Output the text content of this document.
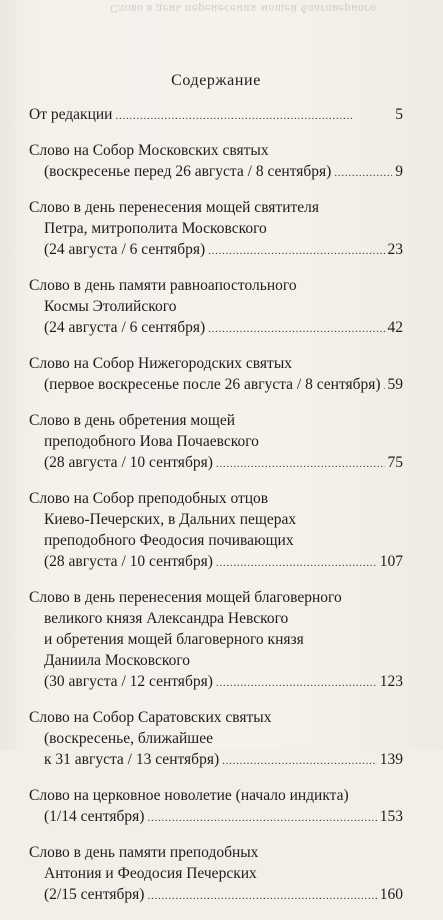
Слово в день перенесения мощей благоверного
Содержание
От редакции . . .	5
Слово на Собор Московских святых
(воскресенье перед 26 августа / 8 сентября) . . .	9
Слово в день перенесения мощей святителя
Петра, митрополита Московского
(24 августа / 6 сентября) . . .	23
Слово в день памяти равноапостольного
Космы Этолийского
(24 августа / 6 сентября) . . .	42
Слово на Собор Нижегородских святых
(первое воскресенье после 26 августа / 8 сентября) . . . 59
Слово в день обретения мощей
преподобного Иова Почаевского
(28 августа / 10 сентября) . . .	75
Слово на Собор преподобных отцов
Киево-Печерских, в Дальних пещерах
преподобного Феодосия почивающих
(28 августа / 10 сентября) . . .	107
Слово в день перенесения мощей благоверного
великого князя Александра Невского
и обретения мощей благоверного князя
Даниила Московского
(30 августа / 12 сентября) . . .	123
Слово на Собор Саратовских святых
(воскресенье, ближайшее
к 31 августа / 13 сентября) . . .	139
Слово на церковное новолетие (начало индикта)
(1/14 сентября) . . .	153
Слово в день памяти преподобных
Антония и Феодосия Печерских
(2/15 сентября) . . .	160
